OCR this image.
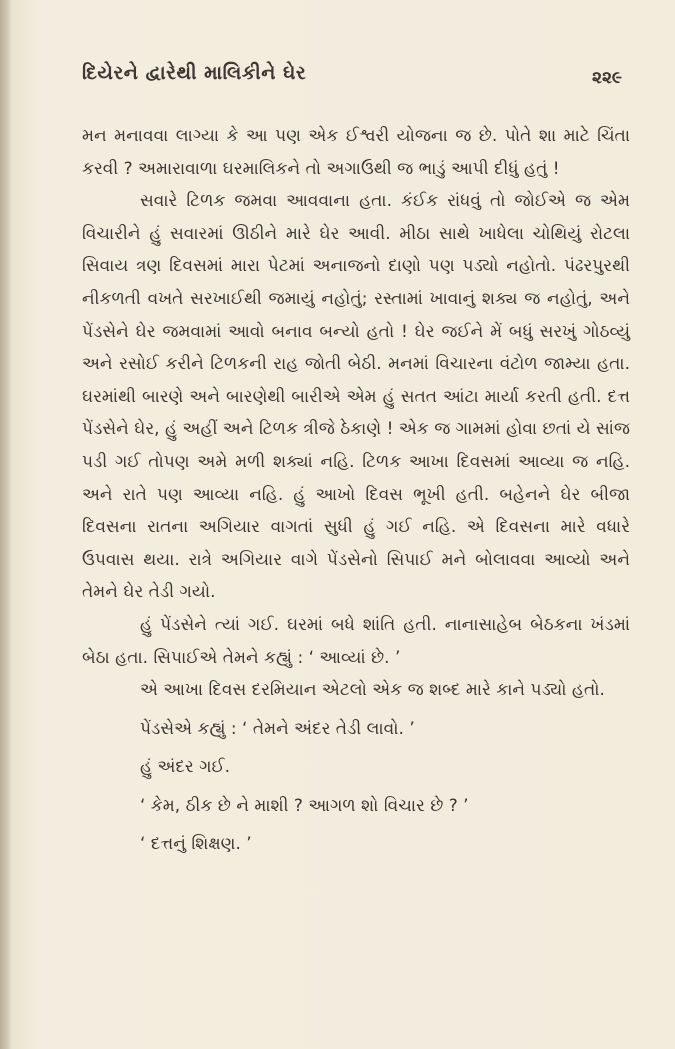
દિયેરને દ્વારેથી માલિકીને ઘેર	૨૨૯

મન મનાવવા લાગ્યા કે આ પણ એક ઈશ્વરી યોજના જ છે. પોતે શા માટે ચિંતા કરવી ? અમારાવાળા ઘરમાલિકને તો અગાઉથી જ ભાડું આપી દીધું હતું !

સવારે ટિળક જમવા આવવાના હતા. કંઈક રાંધવું તો જોઈએ જ એમ વિચારીને હું સવારમાં ઊઠીને મારે ઘેર આવી. મીઠા સાથે ખાધેલા ચોથિયું રોટલા સિવાય ત્રણ દિવસમાં મારા પેટમાં અનાજનો દાણો પણ પડ્યો નહોતો. પંઢરપુરથી નીકળતી વખતે સરખાઈથી જમાયું નહોતું; રસ્તામાં ખાવાનું શક્ય જ નહોતું, અને પેંડસેને ઘેર જમવામાં આવો બનાવ બન્યો હતો ! ઘેર જઈને મેં બધું સરખું ગોઠવ્યું અને રસોઈ કરીને ટિળકની રાહ જોતી બેઠી. મનમાં વિચારના વંટોળ જામ્યા હતા. ઘરમાંથી બારણે અને બારણેથી બારીએ એમ હું સતત આંટા માર્યા કરતી હતી. દત્ત પેંડસેને ઘેર, હું અહીં અને ટિળક ત્રીજે ઠેકાણે ! એક જ ગામમાં હોવા છતાં યે સાંજ પડી ગઈ તોપણ અમે મળી શક્યાં નહિ. ટિળક આખા દિવસમાં આવ્યા જ નહિ. અને રાતે પણ આવ્યા નહિ. હું આખો દિવસ ભૂખી હતી. બહેનને ઘેર બીજા દિવસના રાતના અગિયાર વાગતાં સુધી હું ગઈ નહિ. એ દિવસના મારે વધારે ઉપવાસ થયા. રાત્રે અગિયાર વાગે પેંડસેનો સિપાઈ મને બોલાવવા આવ્યો અને તેમને ઘેર તેડી ગયો.

હું પેંડસેને ત્યાં ગઈ. ઘરમાં બધે શાંતિ હતી. નાનાસાહેબ બેઠકના ખંડમાં બેઠા હતા. સિપાઈએ તેમને કહ્યું : ‘ આવ્યાં છે. ’

એ આખા દિવસ દરમિયાન એટલો એક જ શબ્દ મારે કાને પડ્યો હતો.

પેંડસેએ કહ્યું : ‘ તેમને અંદર તેડી લાવો. ’

હું અંદર ગઈ.

‘ કેમ, ઠીક છે ને માશી ? આગળ શો વિચાર છે ? ’

‘ દત્તનું શિક્ષણ. ’
